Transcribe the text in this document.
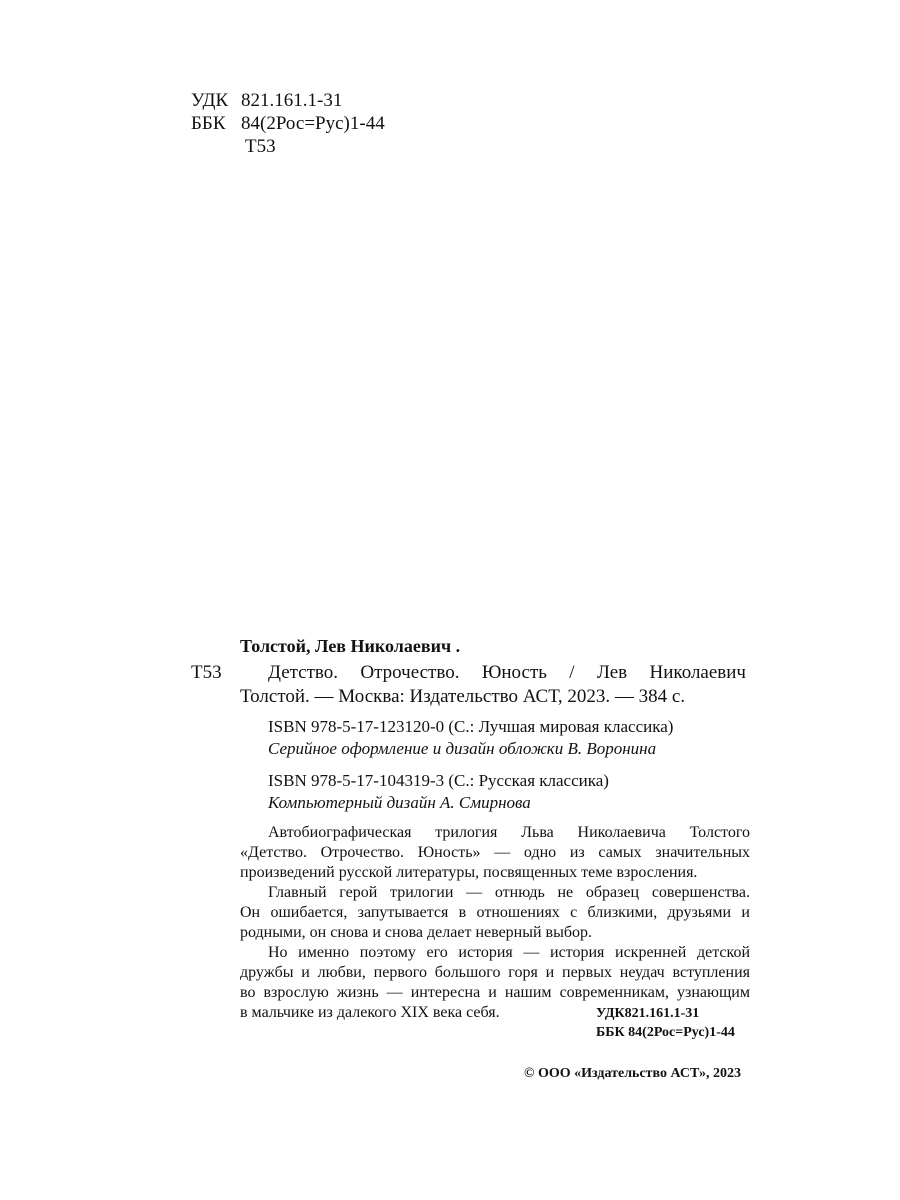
УДК 821.161.1-31
ББК 84(2Рос=Рус)1-44
Т53
Толстой, Лев Николаевич .
Т53 Детство. Отрочество. Юность / Лев Николаевич
Толстой. — Москва: Издательство АСТ, 2023. — 384 с.
ISBN 978-5-17-123120-0 (С.: Лучшая мировая классика)
Серийное оформление и дизайн обложки В. Воронина
ISBN 978-5-17-104319-3 (С.: Русская классика)
Компьютерный дизайн А. Смирнова
Автобиографическая трилогия Льва Николаевича Толстого
«Детство. Отрочество. Юность» — одно из самых значительных
произведений русской литературы, посвященных теме взросления.
Главный герой трилогии — отнюдь не образец совершенства.
Он ошибается, запутывается в отношениях с близкими, друзьями и
родными, он снова и снова делает неверный выбор.
Но именно поэтому его история — история искренней детской
дружбы и любви, первого большого горя и первых неудач вступления
во взрослую жизнь — интересна и нашим современникам, узнающим
в мальчике из далекого XIX века себя.	УДК821.161.1-31
ББК 84(2Рос=Рус)1-44
© ООО «Издательство АСТ», 2023
